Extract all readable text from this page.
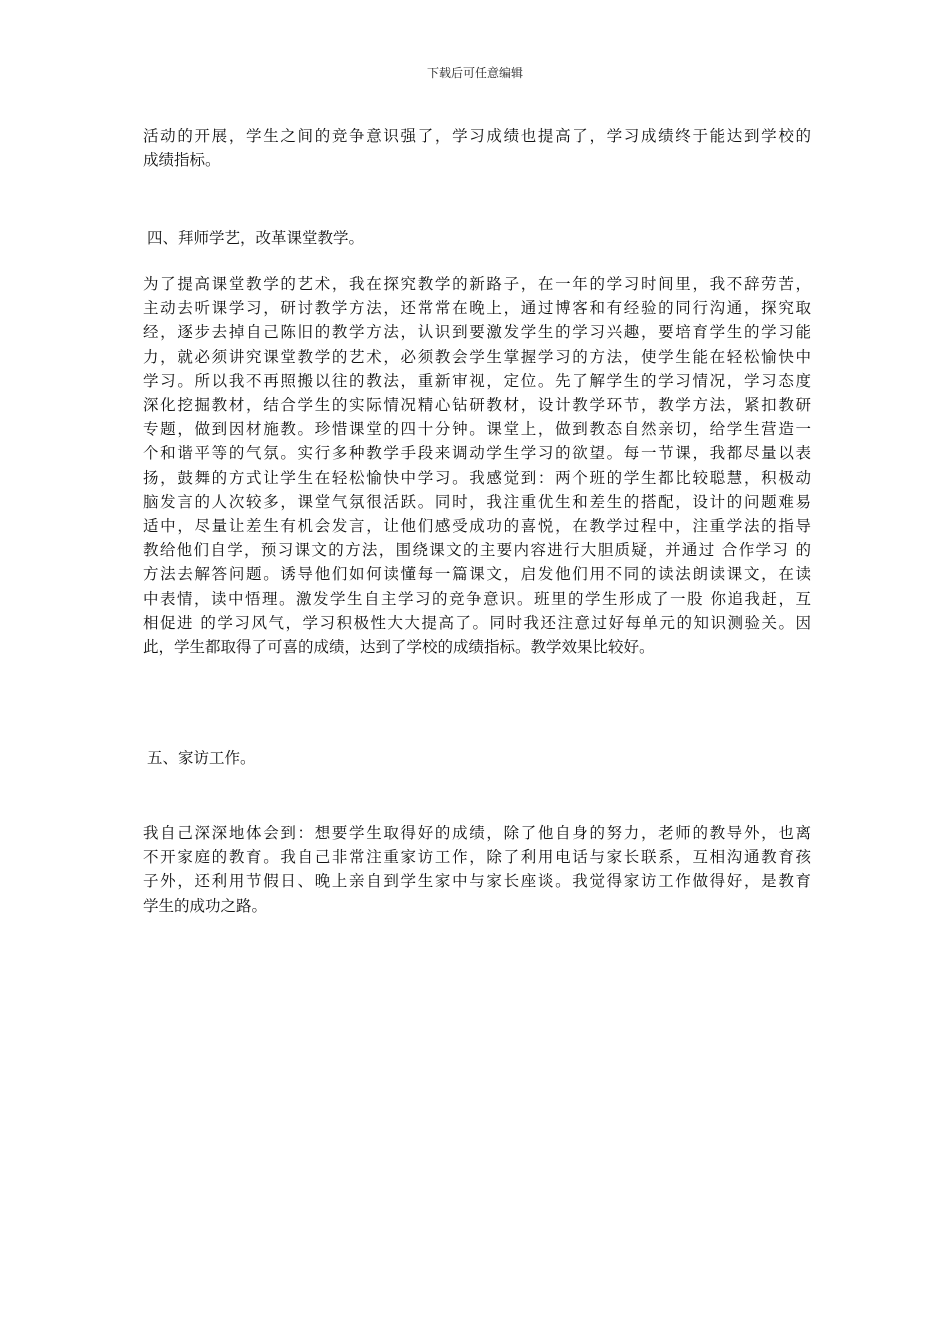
下载后可任意编辑
活动的开展，学生之间的竞争意识强了，学习成绩也提高了，学习成绩终于能达到学校的
成绩指标。
四、拜师学艺，改革课堂教学。
为了提高课堂教学的艺术，我在探究教学的新路子，在一年的学习时间里，我不辞劳苦，
主动去听课学习，研讨教学方法，还常常在晚上，通过博客和有经验的同行沟通，探究取
经，逐步去掉自己陈旧的教学方法，认识到要激发学生的学习兴趣，要培育学生的学习能
力，就必须讲究课堂教学的艺术，必须教会学生掌握学习的方法，使学生能在轻松愉快中
学习。所以我不再照搬以往的教法，重新审视，定位。先了解学生的学习情况，学习态度
深化挖掘教材，结合学生的实际情况精心钻研教材，设计教学环节，教学方法，紧扣教研
专题，做到因材施教。珍惜课堂的四十分钟。课堂上，做到教态自然亲切，给学生营造一
个和谐平等的气氛。实行多种教学手段来调动学生学习的欲望。每一节课，我都尽量以表
扬，鼓舞的方式让学生在轻松愉快中学习。我感觉到：两个班的学生都比较聪慧，积极动
脑发言的人次较多，课堂气氛很活跃。同时，我注重优生和差生的搭配，设计的问题难易
适中，尽量让差生有机会发言，让他们感受成功的喜悦，在教学过程中，注重学法的指导
教给他们自学，预习课文的方法，围绕课文的主要内容进行大胆质疑，并通过 合作学习 的
方法去解答问题。诱导他们如何读懂每一篇课文，启发他们用不同的读法朗读课文，在读
中表情，读中悟理。激发学生自主学习的竞争意识。班里的学生形成了一股 你追我赶，互
相促进 的学习风气，学习积极性大大提高了。同时我还注意过好每单元的知识测验关。因
此，学生都取得了可喜的成绩，达到了学校的成绩指标。教学效果比较好。
五、家访工作。
我自己深深地体会到：想要学生取得好的成绩，除了他自身的努力，老师的教导外，也离
不开家庭的教育。我自己非常注重家访工作，除了利用电话与家长联系，互相沟通教育孩
子外，还利用节假日、晚上亲自到学生家中与家长座谈。我觉得家访工作做得好，是教育
学生的成功之路。
